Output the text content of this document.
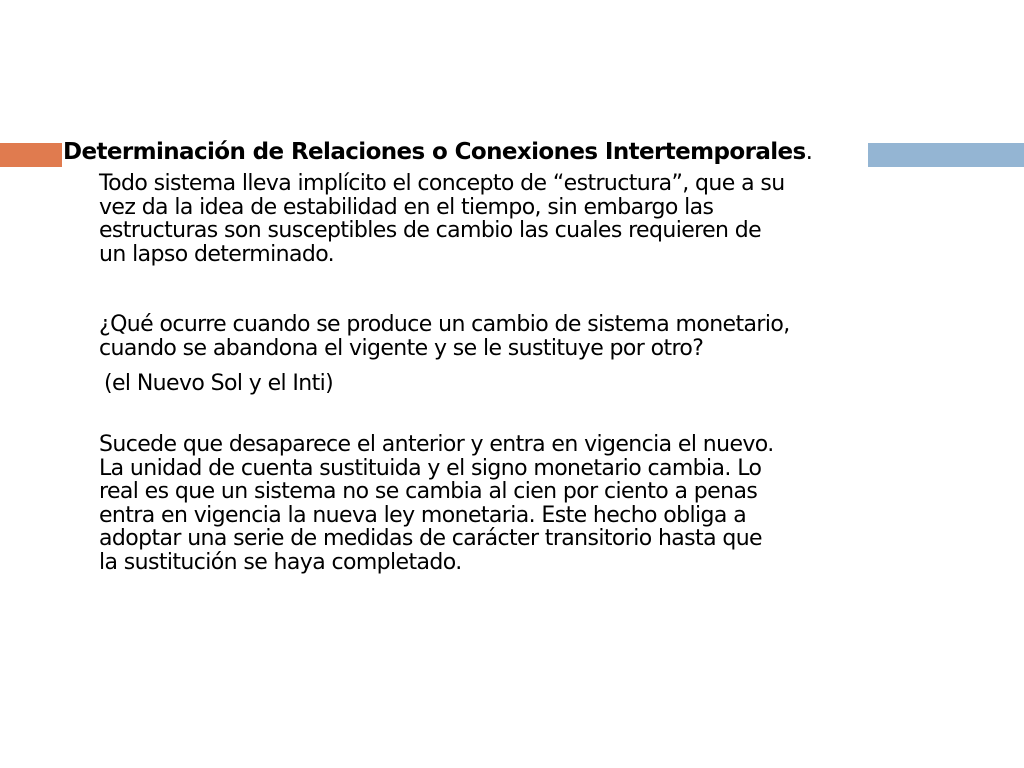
Determinación de Relaciones o Conexiones Intertemporales.

Todo sistema lleva implícito el concepto de “estructura”, que a su
vez da la idea de estabilidad en el tiempo, sin embargo las
estructuras son susceptibles de cambio las cuales requieren de
un lapso determinado.

¿Qué ocurre cuando se produce un cambio de sistema monetario,
cuando se abandona el vigente y se le sustituye por otro?

(el Nuevo Sol y el Inti)

Sucede que desaparece el anterior y entra en vigencia el nuevo.
La unidad de cuenta sustituida y el signo monetario cambia. Lo
real es que un sistema no se cambia al cien por ciento a penas
entra en vigencia la nueva ley monetaria. Este hecho obliga a
adoptar una serie de medidas de carácter transitorio hasta que
la sustitución se haya completado.
